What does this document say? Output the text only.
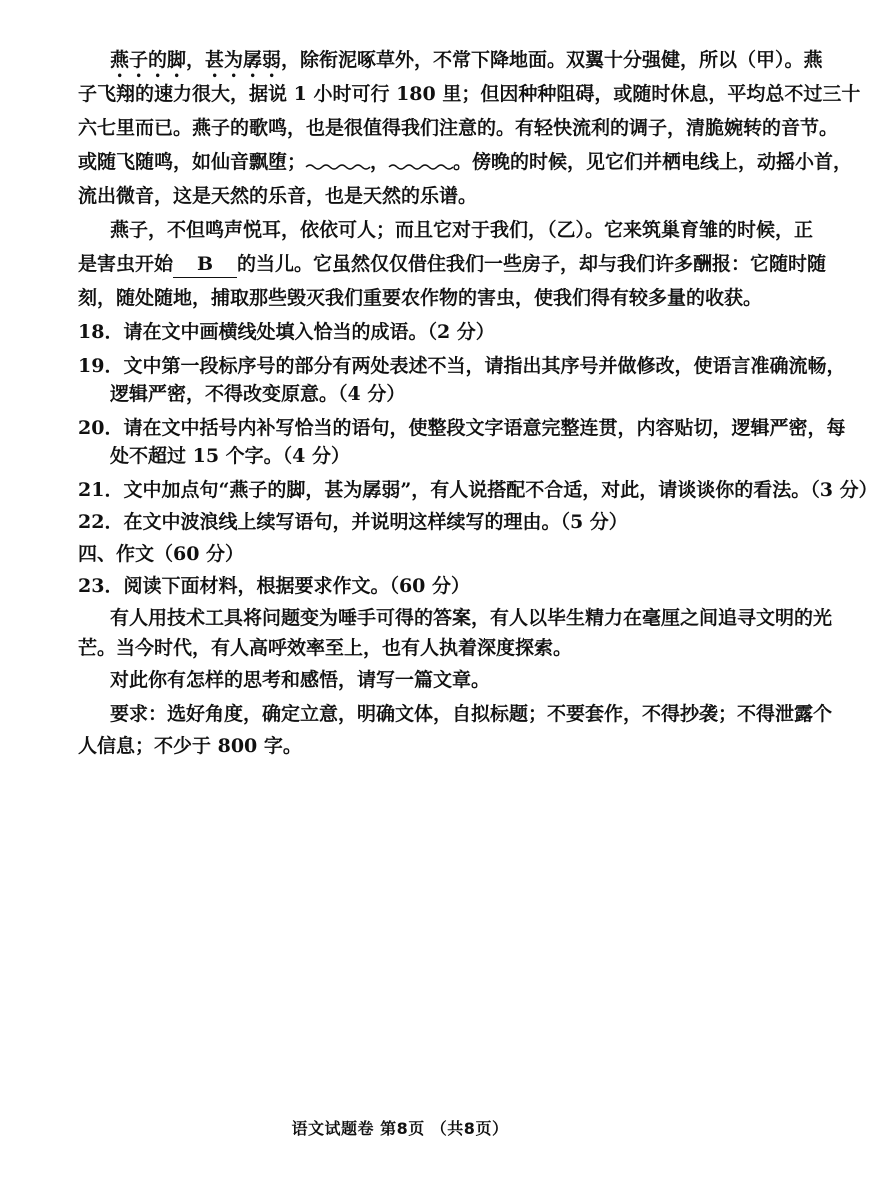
燕子的脚，甚为孱弱，除衔泥啄草外，不常下降地面。双翼十分强健，所以（甲）。燕
子飞翔的速力很大，据说 1 小时可行 180 里；但因种种阻碍，或随时休息，平均总不过三十
六七里而已。燕子的歌鸣，也是很值得我们注意的。有轻快流利的调子，清脆婉转的音节。
或随飞随鸣，如仙音飘堕；	，	。傍晚的时候，见它们并栖电线上，动摇小首，
流出微音，这是天然的乐音，也是天然的乐谱。
燕子，不但鸣声悦耳，依依可人；而且它对于我们，（乙）。它来筑巢育雏的时候，正
是害虫开始 B 的当儿。它虽然仅仅借住我们一些房子，却与我们许多酬报：它随时随
刻，随处随地，捕取那些毁灭我们重要农作物的害虫，使我们得有较多量的收获。
18．请在文中画横线处填入恰当的成语。（2 分）
19．文中第一段标序号的部分有两处表述不当，请指出其序号并做修改，使语言准确流畅，
逻辑严密，不得改变原意。（4 分）
20．请在文中括号内补写恰当的语句，使整段文字语意完整连贯，内容贴切，逻辑严密，每
处不超过 15 个字。（4 分）
21．文中加点句“燕子的脚，甚为孱弱”，有人说搭配不合适，对此，请谈谈你的看法。（3 分）
22．在文中波浪线上续写语句，并说明这样续写的理由。（5 分）
四、作文（60 分）
23．阅读下面材料，根据要求作文。（60 分）
有人用技术工具将问题变为唾手可得的答案，有人以毕生精力在毫厘之间追寻文明的光
芒。当今时代，有人高呼效率至上，也有人执着深度探索。
对此你有怎样的思考和感悟，请写一篇文章。
要求：选好角度，确定立意，明确文体，自拟标题；不要套作，不得抄袭；不得泄露个
人信息；不少于 800 字。
语文试题卷 第8页 （共8页）
